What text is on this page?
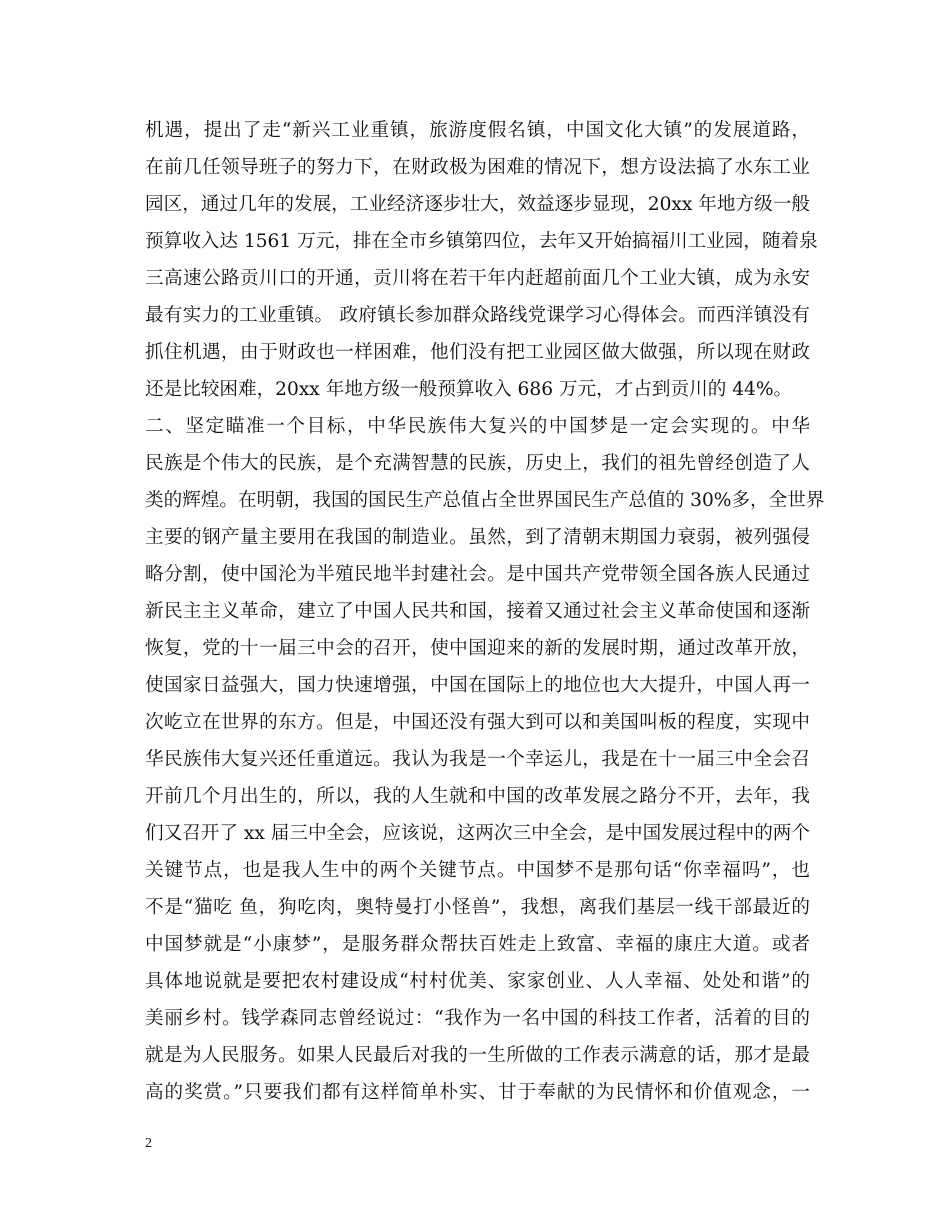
机遇，提出了走“新兴工业重镇，旅游度假名镇，中国文化大镇”的发展道路，
在前几任领导班子的努力下，在财政极为困难的情况下，想方设法搞了水东工业
园区，通过几年的发展，工业经济逐步壮大，效益逐步显现，20xx 年地方级一般
预算收入达 1561 万元，排在全市乡镇第四位，去年又开始搞福川工业园，随着泉
三高速公路贡川口的开通，贡川将在若干年内赶超前面几个工业大镇，成为永安
最有实力的工业重镇。 政府镇长参加群众路线党课学习心得体会。而西洋镇没有
抓住机遇，由于财政也一样困难，他们没有把工业园区做大做强，所以现在财政
还是比较困难，20xx 年地方级一般预算收入 686 万元，才占到贡川的 44%。
二、坚定瞄准一个目标，中华民族伟大复兴的中国梦是一定会实现的。中华
民族是个伟大的民族，是个充满智慧的民族，历史上，我们的祖先曾经创造了人
类的辉煌。在明朝，我国的国民生产总值占全世界国民生产总值的 30%多，全世界
主要的钢产量主要用在我国的制造业。虽然，到了清朝末期国力衰弱，被列强侵
略分割，使中国沦为半殖民地半封建社会。是中国共产党带领全国各族人民通过
新民主主义革命，建立了中国人民共和国，接着又通过社会主义革命使国和逐渐
恢复，党的十一届三中会的召开，使中国迎来的新的发展时期，通过改革开放，
使国家日益强大，国力快速增强，中国在国际上的地位也大大提升，中国人再一
次屹立在世界的东方。但是，中国还没有强大到可以和美国叫板的程度，实现中
华民族伟大复兴还任重道远。我认为我是一个幸运儿，我是在十一届三中全会召
开前几个月出生的，所以，我的人生就和中国的改革发展之路分不开，去年，我
们又召开了 xx 届三中全会，应该说，这两次三中全会，是中国发展过程中的两个
关键节点，也是我人生中的两个关键节点。中国梦不是那句话“你幸福吗”，也
不是“猫吃 鱼，狗吃肉，奥特曼打小怪兽”，我想，离我们基层一线干部最近的
中国梦就是“小康梦”，是服务群众帮扶百姓走上致富、幸福的康庄大道。或者
具体地说就是要把农村建设成“村村优美、家家创业、人人幸福、处处和谐”的
美丽乡村。钱学森同志曾经说过：“我作为一名中国的科技工作者，活着的目的
就是为人民服务。如果人民最后对我的一生所做的工作表示满意的话，那才是最
高的奖赏。”只要我们都有这样简单朴实、甘于奉献的为民情怀和价值观念，一
2
